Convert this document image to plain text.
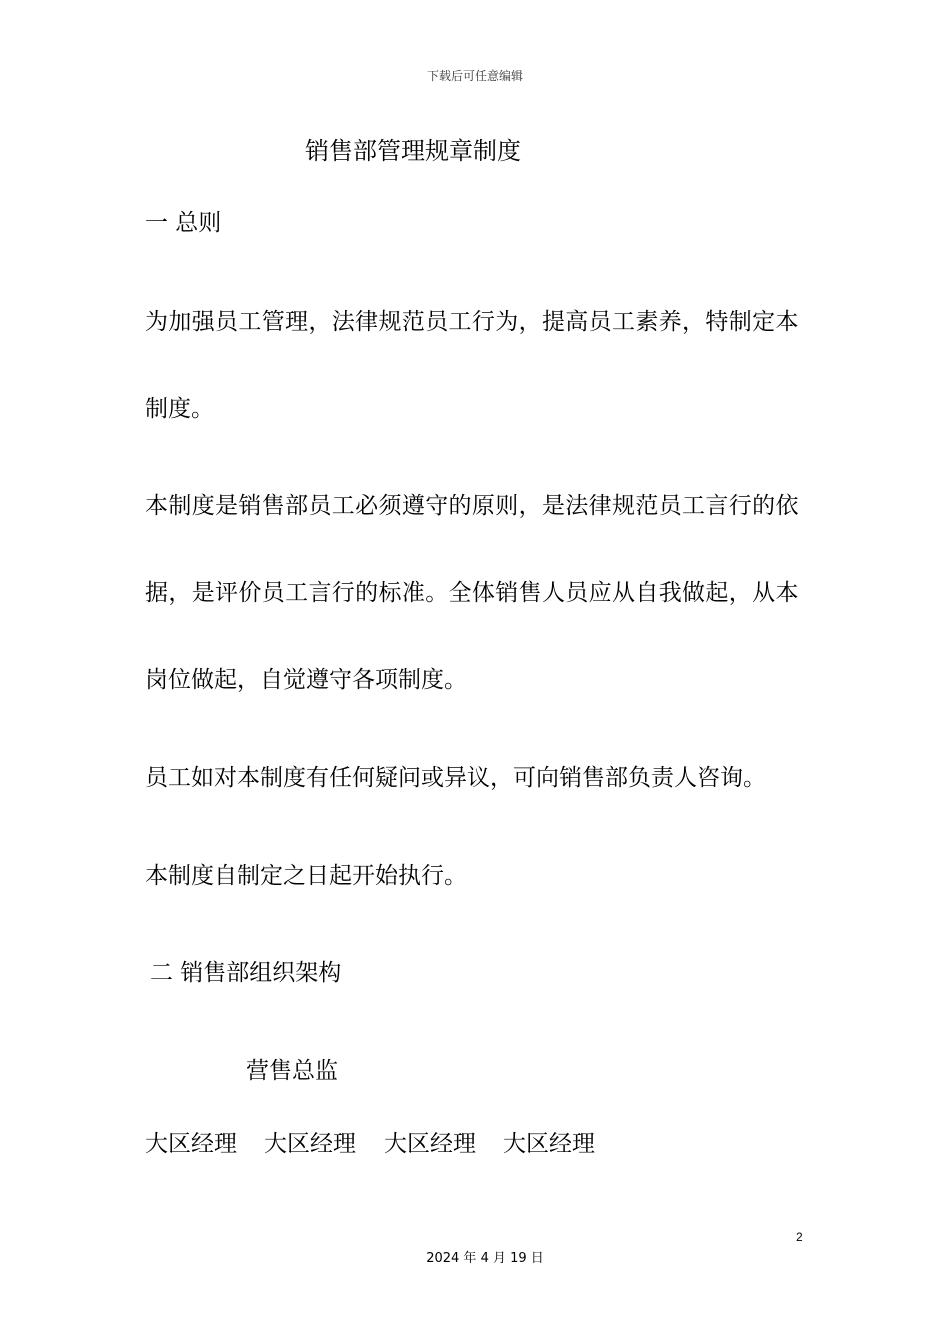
下载后可任意编辑
销售部管理规章制度
一 总则
为加强员工管理，法律规范员工行为，提高员工素养，特制定本
制度。
本制度是销售部员工必须遵守的原则，是法律规范员工言行的依
据，是评价员工言行的标准。全体销售人员应从自我做起，从本
岗位做起，自觉遵守各项制度。
员工如对本制度有任何疑问或异议，可向销售部负责人咨询。
本制度自制定之日起开始执行。
二 销售部组织架构
营售总监
大区经理 大区经理 大区经理 大区经理
2
2024 年 4 月 19 日
